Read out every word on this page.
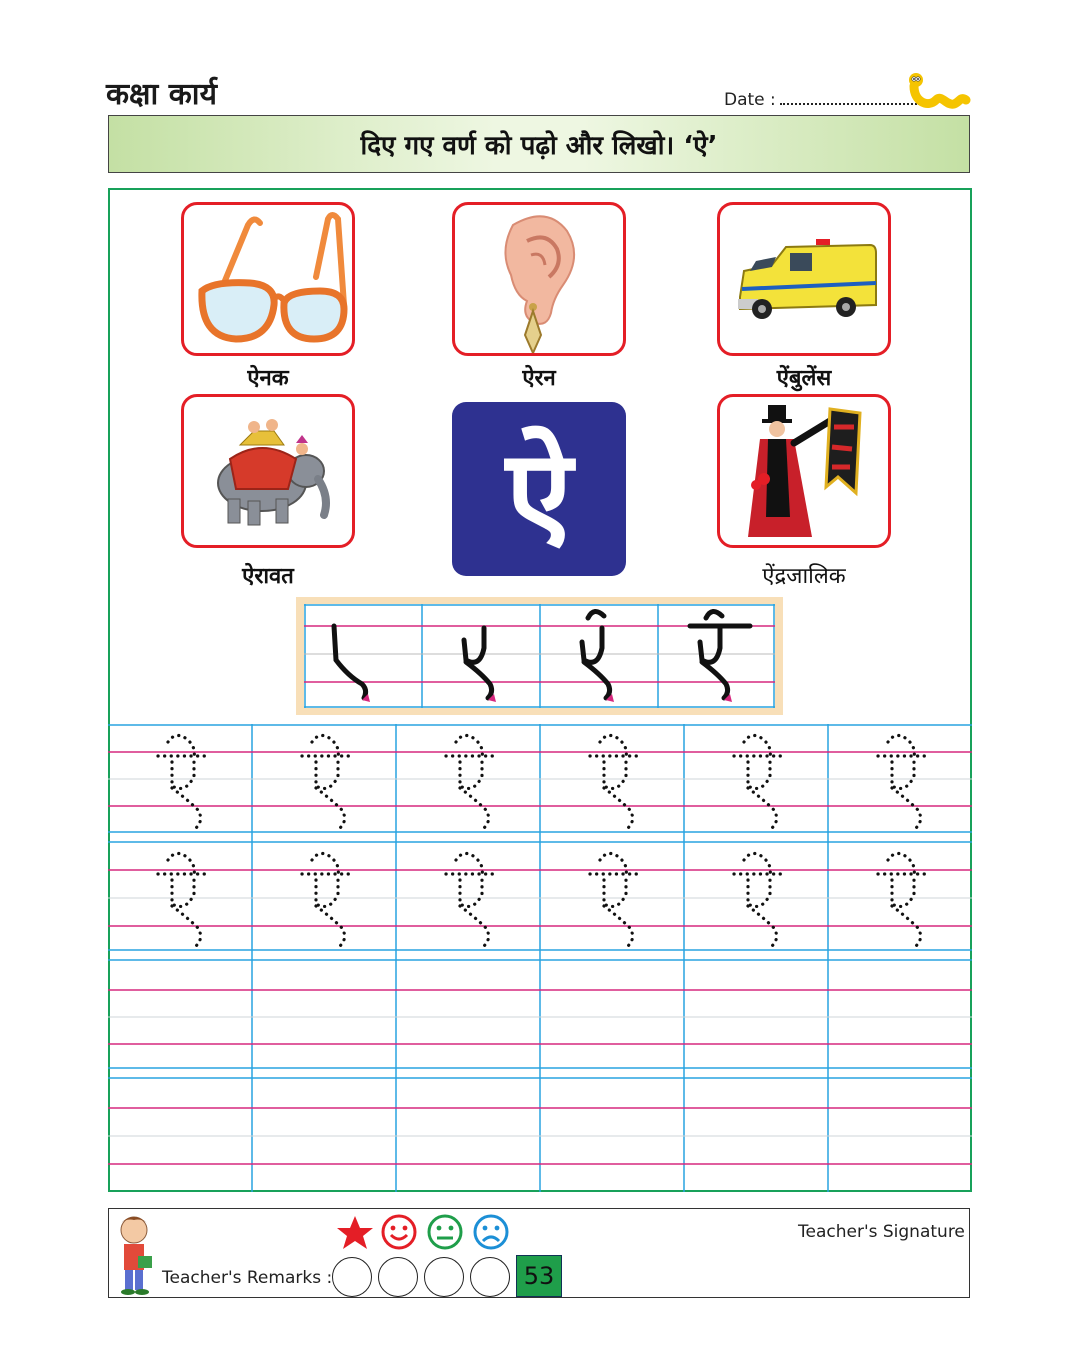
कक्षा कार्य	Date :
दिए गए वर्ण को पढ़ो और लिखो। ‘ऐ’
ऐनक	ऐरन	ऐंबुलेंस
ऐरावत	ऐंद्रजालिक
ऐ
Teacher's Remarks :
Teacher's Signature
53
